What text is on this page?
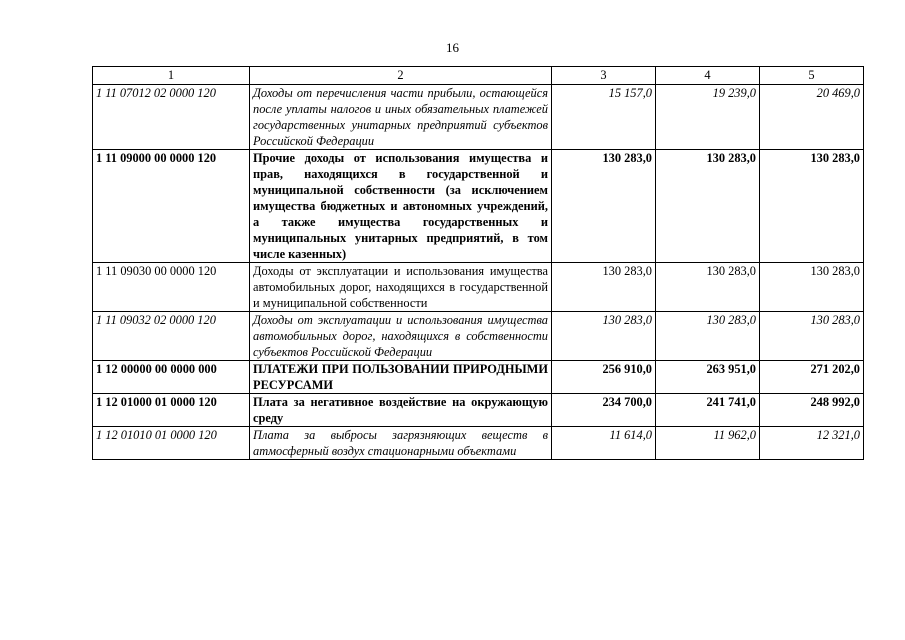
16
1	2	3	4	5
1 11 07012 02 0000 120	Доходы от перечисления части прибыли, остающейся после уплаты налогов и иных обязательных платежей государственных унитарных предприятий субъектов Российской Федерации	15 157,0	19 239,0	20 469,0
1 11 09000 00 0000 120	Прочие доходы от использования имущества и прав, находящихся в государственной и муниципальной собственности (за исключением имущества бюджетных и автономных учреждений, а также имущества государственных и муниципальных унитарных предприятий, в том числе казенных)	130 283,0	130 283,0	130 283,0
1 11 09030 00 0000 120	Доходы от эксплуатации и использования имущества автомобильных дорог, находящихся в государственной и муниципальной собственности	130 283,0	130 283,0	130 283,0
1 11 09032 02 0000 120	Доходы от эксплуатации и использования имущества автомобильных дорог, находящихся в собственности субъектов Российской Федерации	130 283,0	130 283,0	130 283,0
1 12 00000 00 0000 000	ПЛАТЕЖИ ПРИ ПОЛЬЗОВАНИИ ПРИРОДНЫМИ РЕСУРСАМИ	256 910,0	263 951,0	271 202,0
1 12 01000 01 0000 120	Плата за негативное воздействие на окружающую среду	234 700,0	241 741,0	248 992,0
1 12 01010 01 0000 120	Плата за выбросы загрязняющих веществ в атмосферный воздух стационарными объектами	11 614,0	11 962,0	12 321,0
